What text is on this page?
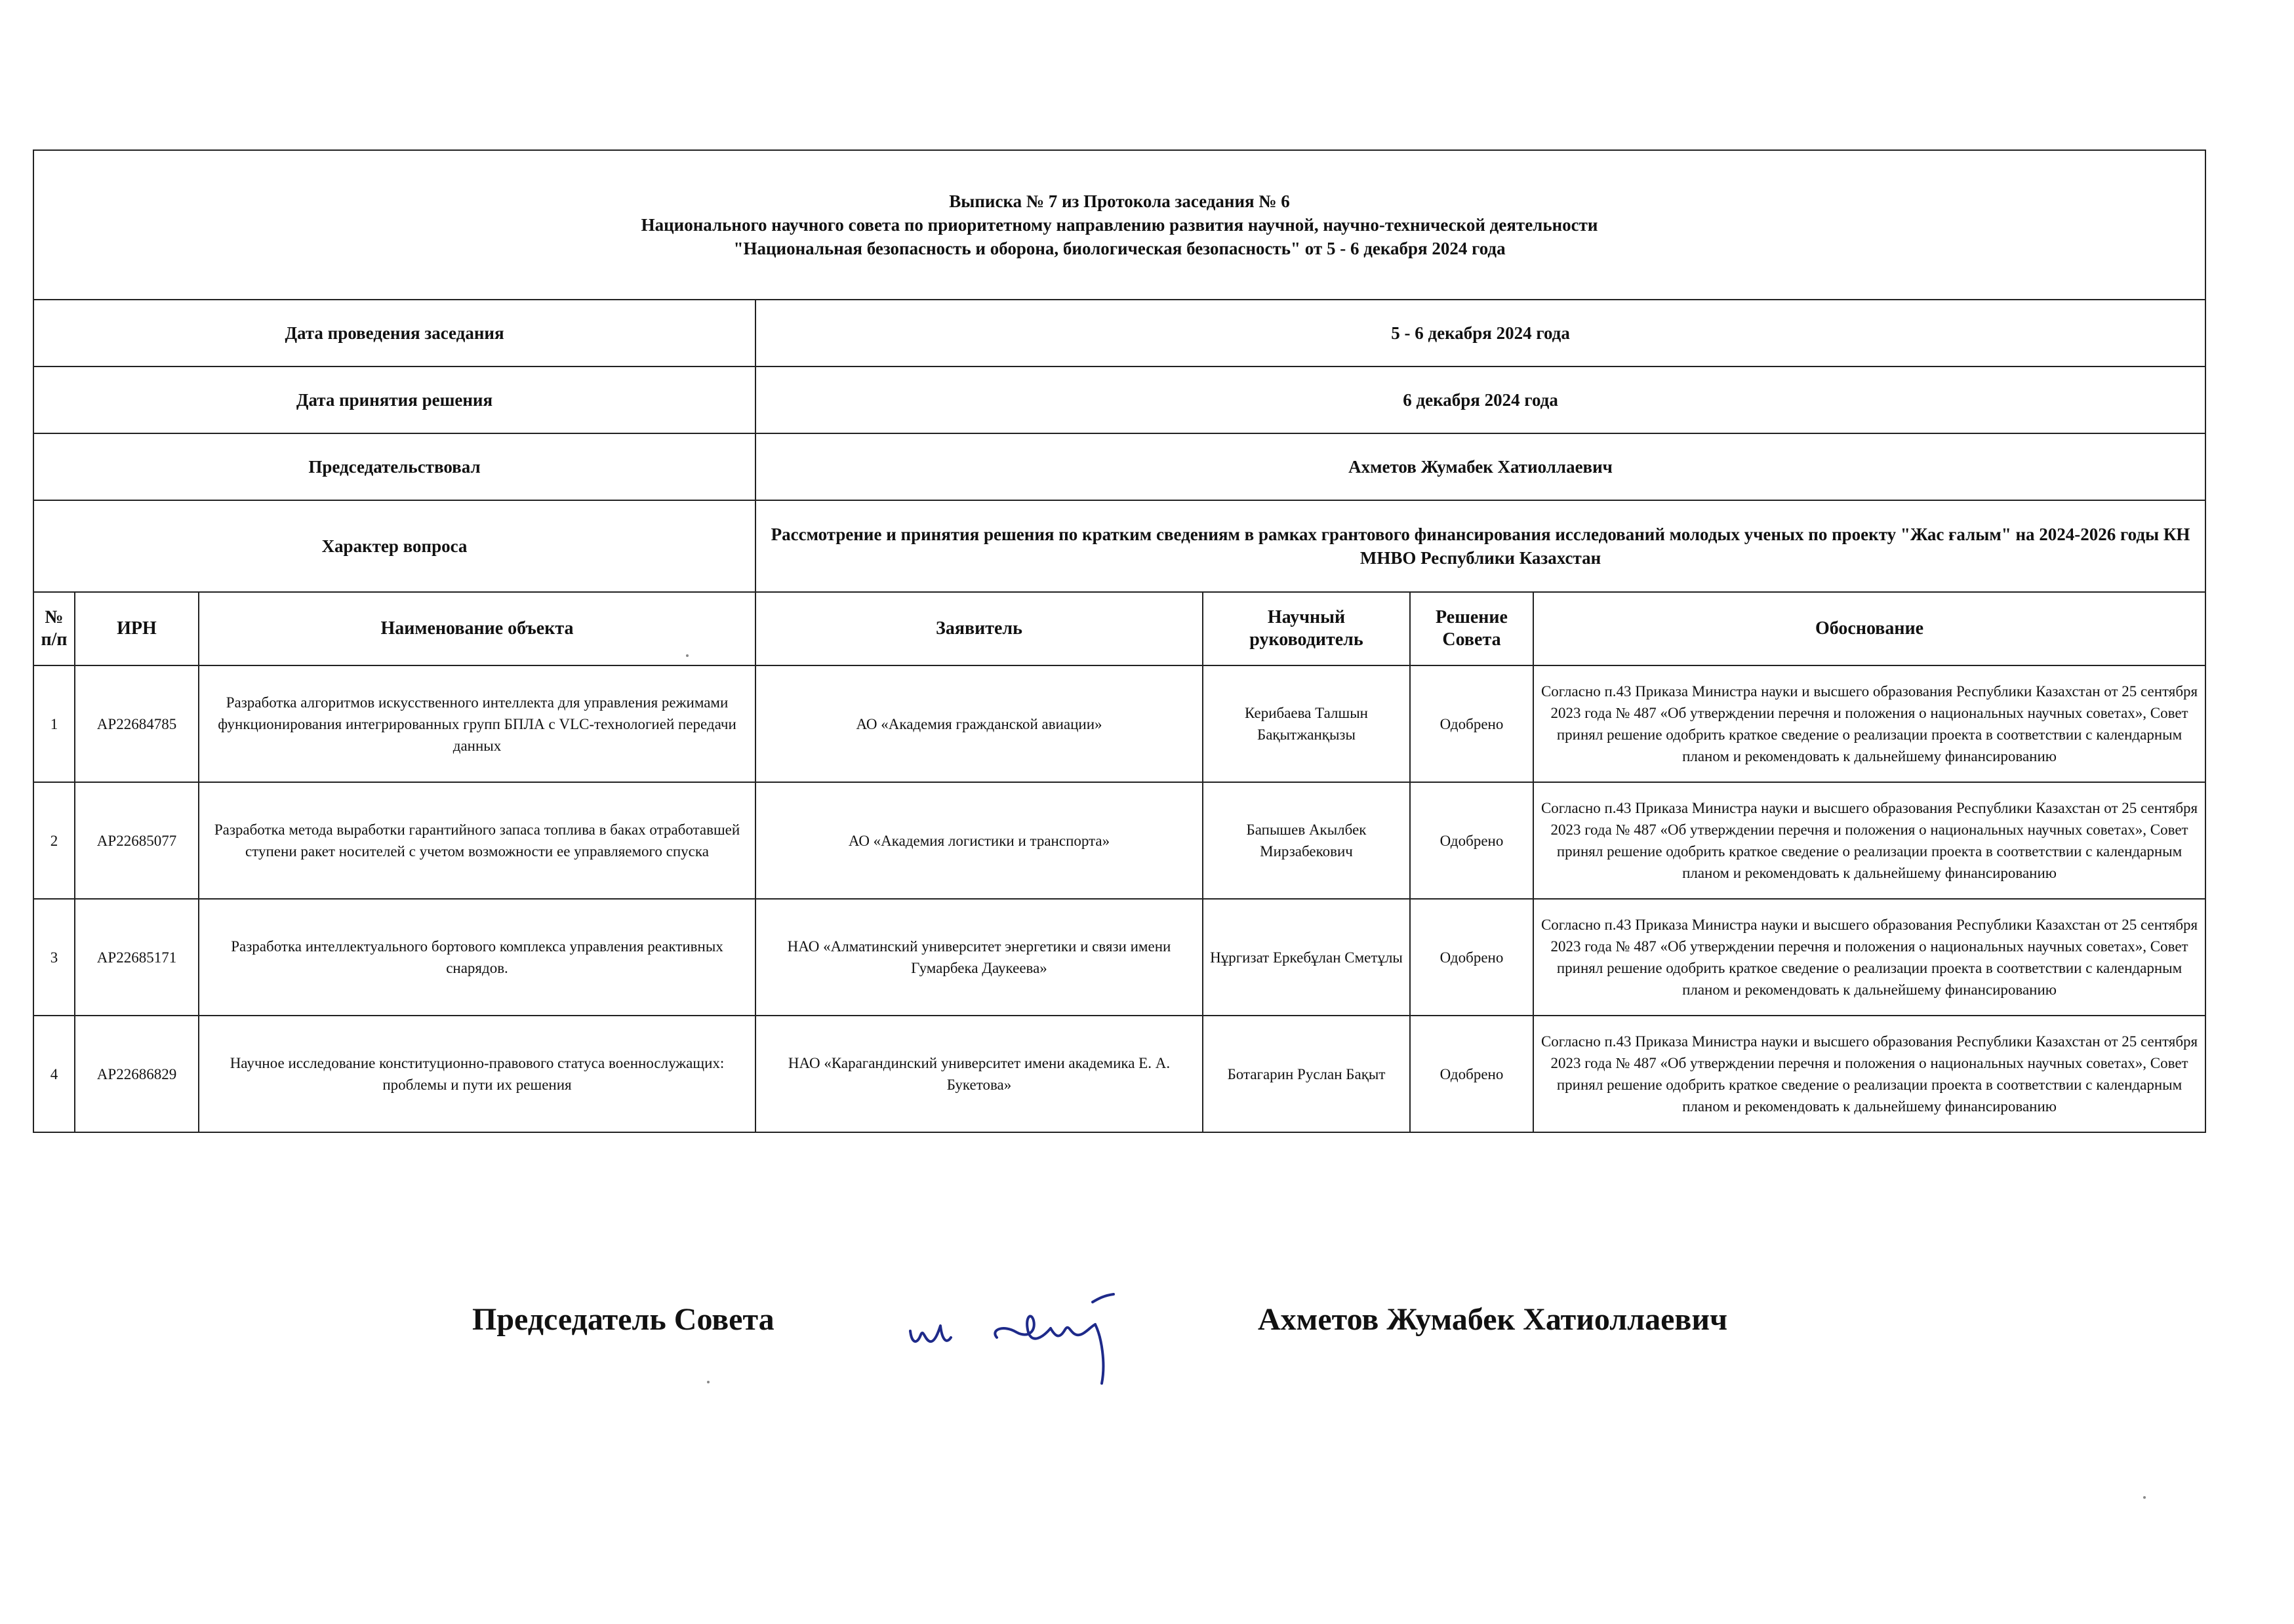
Выписка № 7 из Протокола заседания № 6
Национального научного совета по приоритетному направлению развития научной, научно-технической деятельности
"Национальная безопасность и оборона, биологическая безопасность" от 5 - 6 декабря 2024 года						

Дата проведения заседания			5 - 6 декабря 2024 года			
Дата принятия решения			6 декабря 2024 года			
Председательствовал			Ахметов Жумабек Хатиоллаевич			
Характер вопроса			Рассмотрение и принятия решения по кратким сведениям в рамках грантового финансирования исследований молодых ученых по проекту "Жас ғалым" на 2024-2026 годы КН МНВО Республики Казахстан			
№ п/п	ИРН	Наименование объекта	Заявитель	Научный руководитель	Решение Совета	Обоснование
1	AP22684785	Разработка алгоритмов искусственного интеллекта для управления режимами функционирования интегрированных групп БПЛА с VLC-технологией передачи данных	АО «Академия гражданской авиации»	Керибаева Талшын Бақытжанқызы	Одобрено	Согласно п.43 Приказа Министра науки и высшего образования Республики Казахстан от 25 сентября 2023 года № 487 «Об утверждении перечня и положения о национальных научных советах», Совет принял решение одобрить краткое сведение о реализации проекта в соответствии с календарным планом и рекомендовать к дальнейшему финансированию
2	AP22685077	Разработка метода выработки гарантийного запаса топлива в баках отработавшей ступени ракет носителей с учетом возможности ее управляемого спуска	АО «Академия логистики и транспорта»	Бапышев Акылбек Мирзабекович	Одобрено	Согласно п.43 Приказа Министра науки и высшего образования Республики Казахстан от 25 сентября 2023 года № 487 «Об утверждении перечня и положения о национальных научных советах», Совет принял решение одобрить краткое сведение о реализации проекта в соответствии с календарным планом и рекомендовать к дальнейшему финансированию
3	AP22685171	Разработка интеллектуального бортового комплекса управления реактивных снарядов.	НАО «Алматинский университет энергетики и связи имени Гумарбека Даукеева»	Нұргизат Еркебұлан Сметұлы	Одобрено	Согласно п.43 Приказа Министра науки и высшего образования Республики Казахстан от 25 сентября 2023 года № 487 «Об утверждении перечня и положения о национальных научных советах», Совет принял решение одобрить краткое сведение о реализации проекта в соответствии с календарным планом и рекомендовать к дальнейшему финансированию
4	AP22686829	Научное исследование конституционно-правового статуса военнослужащих: проблемы и пути их решения	НАО «Карагандинский университет имени академика Е. А. Букетова»	Ботагарин Руслан Бақыт	Одобрено	Согласно п.43 Приказа Министра науки и высшего образования Республики Казахстан от 25 сентября 2023 года № 487 «Об утверждении перечня и положения о национальных научных советах», Совет принял решение одобрить краткое сведение о реализации проекта в соответствии с календарным планом и рекомендовать к дальнейшему финансированию
Председатель Совета	Ахметов Жумабек Хатиоллаевич
